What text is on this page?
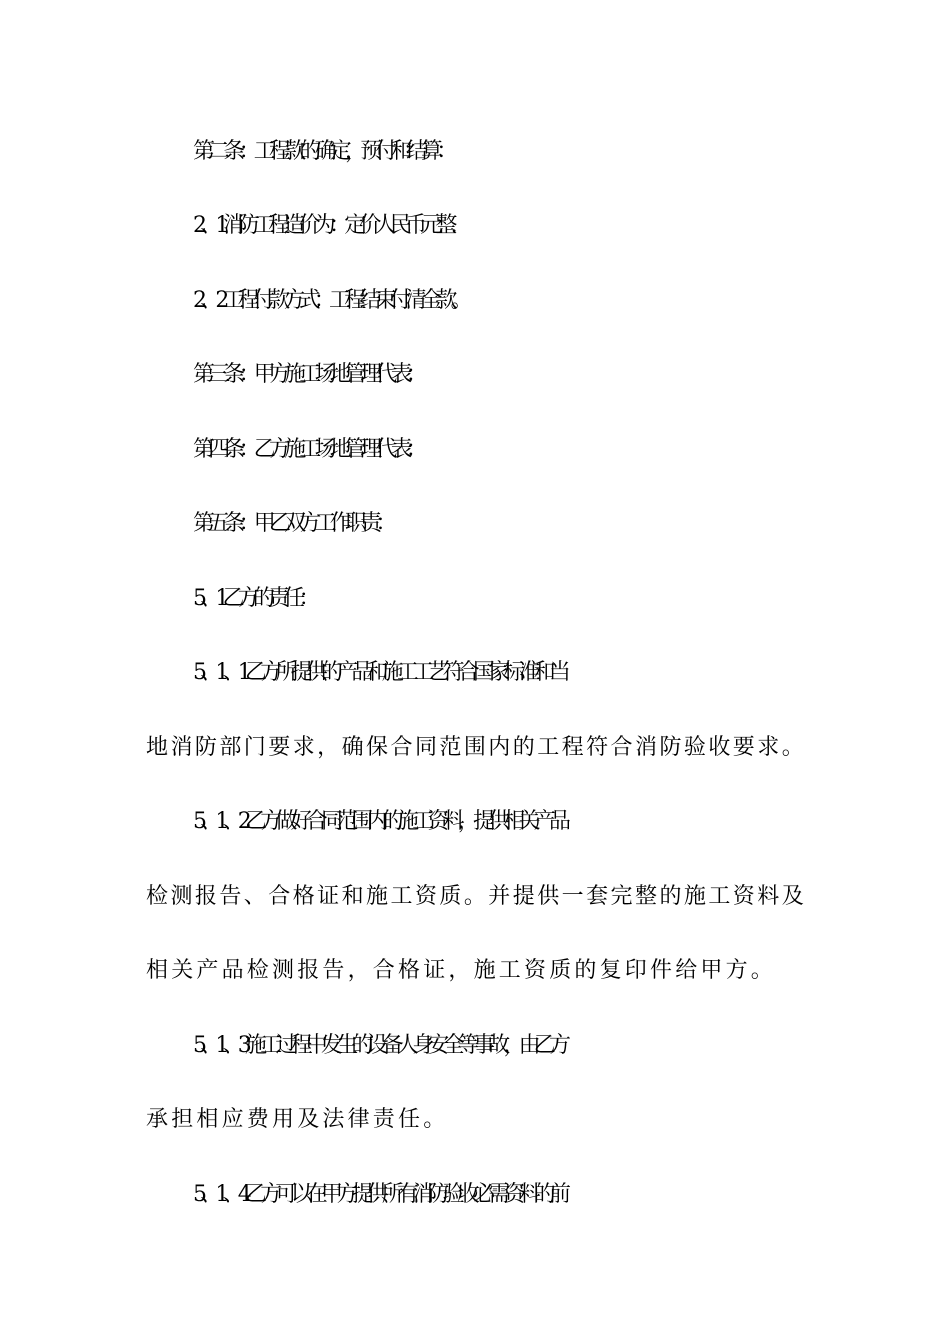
第二条：工程款的确定，预付和结算：
2、1消防工程造价为：定价人民币元整.
2、2工程付款方式：工程结束付清全款。
第三条：甲方施工场地管理代表：
第四条：乙方施工场地管理代表：
第五条：甲乙双方工作职责：
5、1乙方的责任：
5、1、1乙方所提供的产品和施工工艺符合国家标准和当
地消防部门要求，确保合同范围内的工程符合消防验收要求。
5、1、2乙方做好合同范围内的施工资料，提供相关产品
检测报告、合格证和施工资质。并提供一套完整的施工资料及
相关产品检测报告，合格证，施工资质的复印件给甲方。
5、1、3施工过程中发生的设备人身安全等事故，由乙方
承担相应费用及法律责任。
5、1、4乙方可以在甲方提供所有消防验收必需资料的前
